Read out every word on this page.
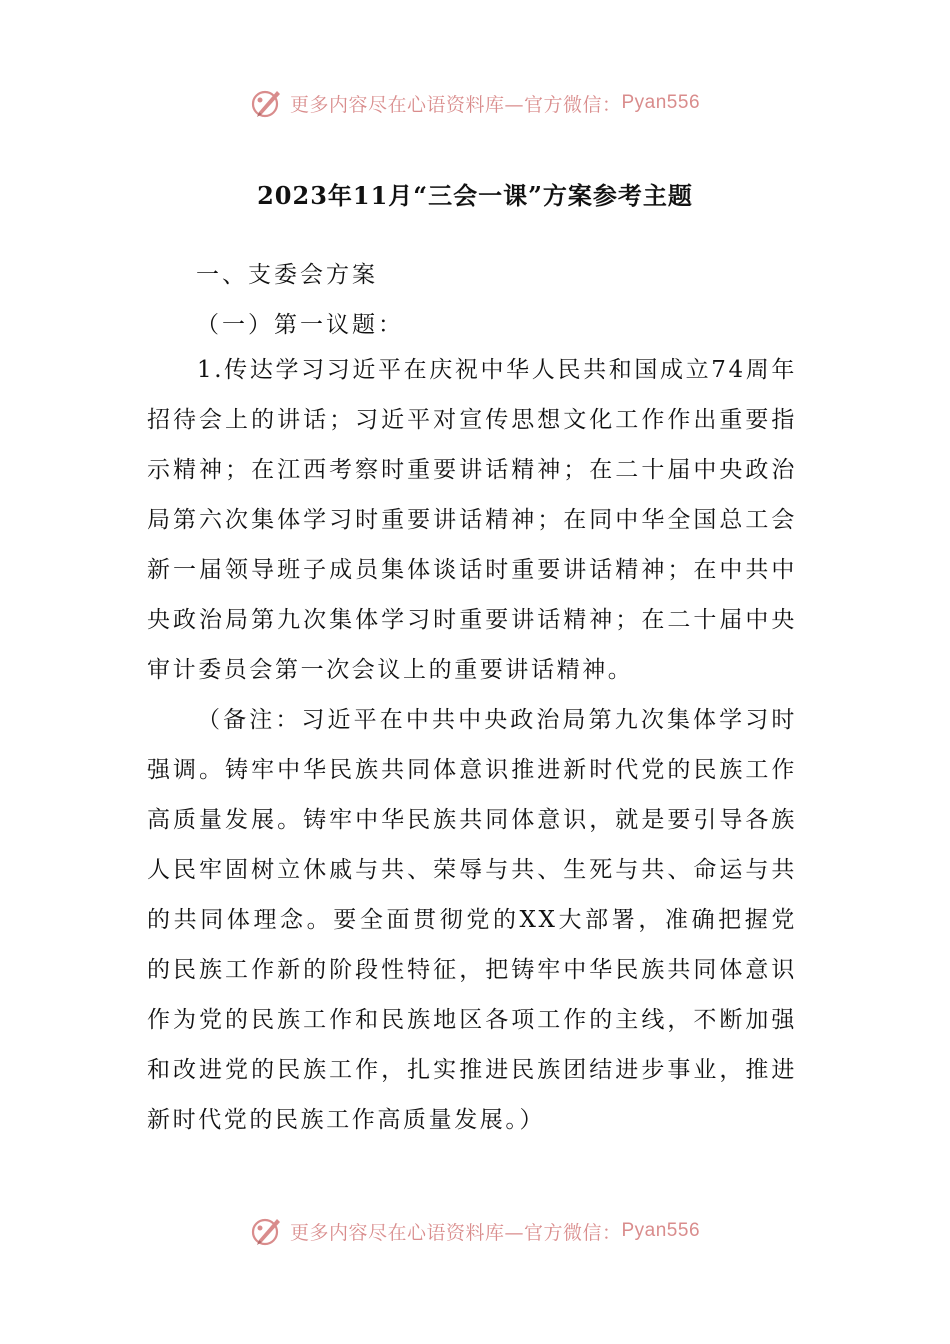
更多内容尽在心语资料库—官方微信： Pyan556
2023年11月“三会一课”方案参考主题
一、支委会方案
（一）第一议题：

1.传达学习习近平在庆祝中华人民共和国成立74周年招待会上的讲话；习近平对宣传思想文化工作作出重要指示精神；在江西考察时重要讲话精神；在二十届中央政治局第六次集体学习时重要讲话精神；在同中华全国总工会新一届领导班子成员集体谈话时重要讲话精神；在中共中央政治局第九次集体学习时重要讲话精神；在二十届中央审计委员会第一次会议上的重要讲话精神。

（备注：习近平在中共中央政治局第九次集体学习时强调。铸牢中华民族共同体意识推进新时代党的民族工作高质量发展。铸牢中华民族共同体意识，就是要引导各族人民牢固树立休戚与共、荣辱与共、生死与共、命运与共的共同体理念。要全面贯彻党的XX大部署，准确把握党的民族工作新的阶段性特征，把铸牢中华民族共同体意识作为党的民族工作和民族地区各项工作的主线，不断加强和改进党的民族工作，扎实推进民族团结进步事业，推进新时代党的民族工作高质量发展。）

更多内容尽在心语资料库—官方微信： Pyan556
